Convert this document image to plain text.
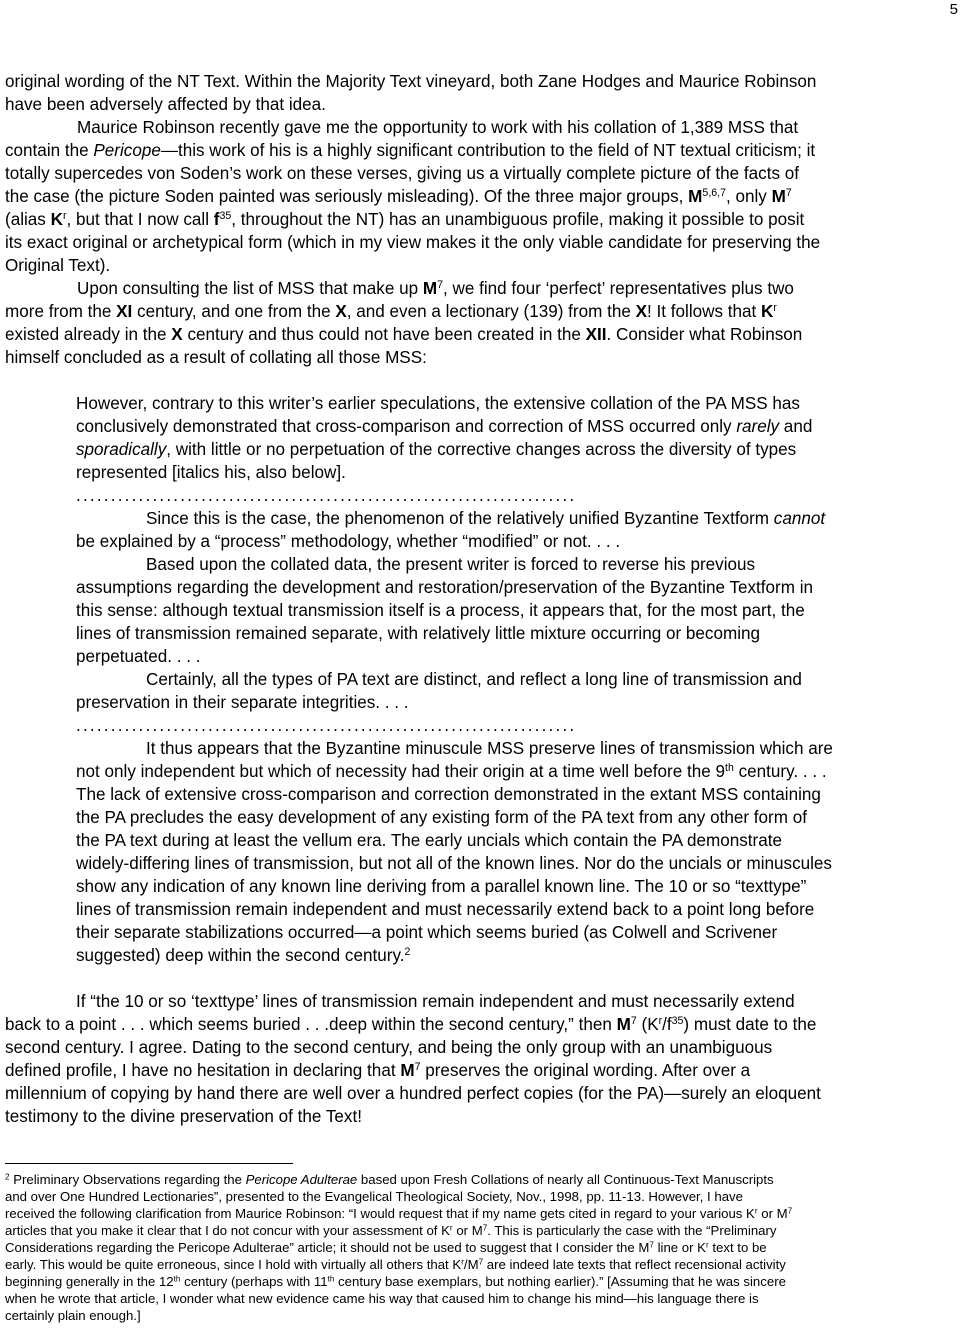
5
original wording of the NT Text. Within the Majority Text vineyard, both Zane Hodges and Maurice Robinson
have been adversely affected by that idea.
Maurice Robinson recently gave me the opportunity to work with his collation of 1,389 MSS that
contain the Pericope—this work of his is a highly significant contribution to the field of NT textual criticism; it
totally supercedes von Soden’s work on these verses, giving us a virtually complete picture of the facts of
the case (the picture Soden painted was seriously misleading). Of the three major groups, M$^{5,6,7}$, only $M^7$
(alias $K^r$, but that I now call $f^{35}$, throughout the NT) has an unambiguous profile, making it possible to posit
its exact original or archetypical form (which in my view makes it the only viable candidate for preserving the
Original Text).
Upon consulting the list of MSS that make up $M^7$, we find four ‘perfect’ representatives plus two
more from the XI century, and one from the X, and even a lectionary (139) from the X! It follows that $K^r$
existed already in the X century and thus could not have been created in the XII. Consider what Robinson
himself concluded as a result of collating all those MSS:
However, contrary to this writer’s earlier speculations, the extensive collation of the PA MSS has
conclusively demonstrated that cross-comparison and correction of MSS occurred only rarely and
sporadically, with little or no perpetuation of the corrective changes across the diversity of types
represented [italics his, also below].
........................................................................
Since this is the case, the phenomenon of the relatively unified Byzantine Textform cannot
be explained by a “process” methodology, whether “modified” or not. . . .
Based upon the collated data, the present writer is forced to reverse his previous
assumptions regarding the development and restoration/preservation of the Byzantine Textform in
this sense: although textual transmission itself is a process, it appears that, for the most part, the
lines of transmission remained separate, with relatively little mixture occurring or becoming
perpetuated. . . .
Certainly, all the types of PA text are distinct, and reflect a long line of transmission and
preservation in their separate integrities. . . .
........................................................................
It thus appears that the Byzantine minuscule MSS preserve lines of transmission which are
not only independent but which of necessity had their origin at a time well before the 9th century. . . .
The lack of extensive cross-comparison and correction demonstrated in the extant MSS containing
the PA precludes the easy development of any existing form of the PA text from any other form of
the PA text during at least the vellum era. The early uncials which contain the PA demonstrate
widely-differing lines of transmission, but not all of the known lines. Nor do the uncials or minuscules
show any indication of any known line deriving from a parallel known line. The 10 or so “texttype”
lines of transmission remain independent and must necessarily extend back to a point long before
their separate stabilizations occurred—a point which seems buried (as Colwell and Scrivener
suggested) deep within the second century.$^2$
If “the 10 or so ‘texttype’ lines of transmission remain independent and must necessarily extend
back to a point . . . which seems buried . . .deep within the second century,” then $M^7$ $(K^r/f^{35})$ must date to the
second century. I agree. Dating to the second century, and being the only group with an unambiguous
defined profile, I have no hesitation in declaring that $M^7$ preserves the original wording. After over a
millennium of copying by hand there are well over a hundred perfect copies (for the PA)—surely an eloquent
testimony to the divine preservation of the Text!
$^2$ Preliminary Observations regarding the Pericope Adulterae based upon Fresh Collations of nearly all Continuous-Text Manuscripts
and over One Hundred Lectionaries”, presented to the Evangelical Theological Society, Nov., 1998, pp. 11-13. However, I have
received the following clarification from Maurice Robinson: “I would request that if my name gets cited in regard to your various $K^r$ or $M^7$
articles that you make it clear that I do not concur with your assessment of $K^r$ or $M^7$. This is particularly the case with the “Preliminary
Considerations regarding the Pericope Adulterae” article; it should not be used to suggest that I consider the $M^7$ line or $K^r$ text to be
early. This would be quite erroneous, since I hold with virtually all others that $K^r/M^7$ are indeed late texts that reflect recensional activity
beginning generally in the 12th century (perhaps with 11th century base exemplars, but nothing earlier).” [Assuming that he was sincere
when he wrote that article, I wonder what new evidence came his way that caused him to change his mind—his language there is
certainly plain enough.]
